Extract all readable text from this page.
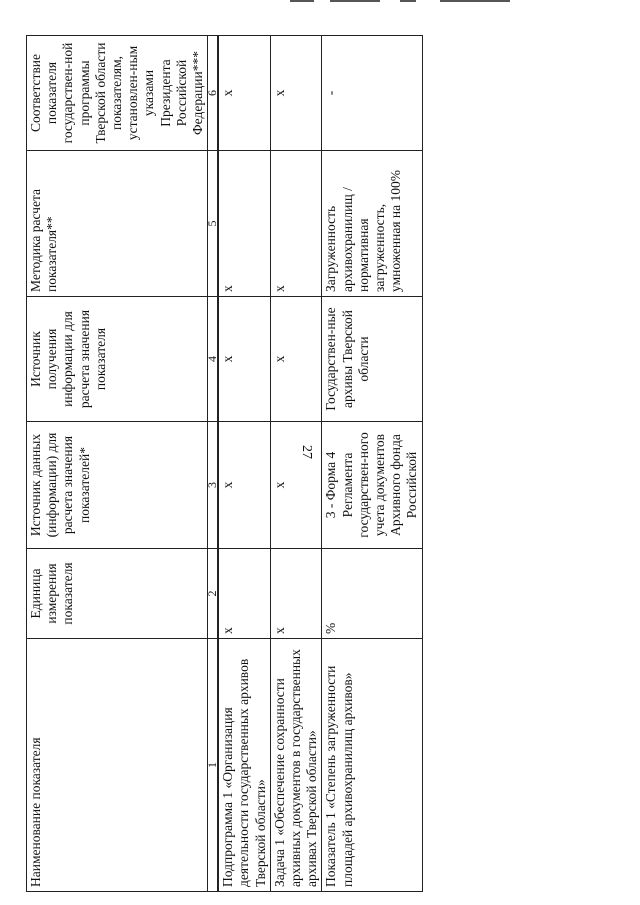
27
Наименование показателя	Единица измерения показателя	Источник данных (информации) для расчета значения показателей*	Источник получения информации для расчета значения показателя	Методика расчета показателя**	Соответствие показателя государствен-ной программы Тверской области показателям, установлен-ным указами Президента Российской Федерации***
1	2	3	4	5	6
Подпрограмма 1 «Организация деятельности государственных архивов Тверской области»	х	х	х	х	х
Задача 1 «Обеспечение сохранности архивных документов в государственных архивах Тверской области»	х	х	х	х	х
Показатель 1 «Степень загруженности площадей архивохранилищ архивов»	%	3 - Форма 4 Регламента государствен-ного учета документов Архивного фонда Российской	Государствен-ные архивы Тверской области	Загруженность архивохранилищ / нормативная загруженность, умноженная на 100%	-
